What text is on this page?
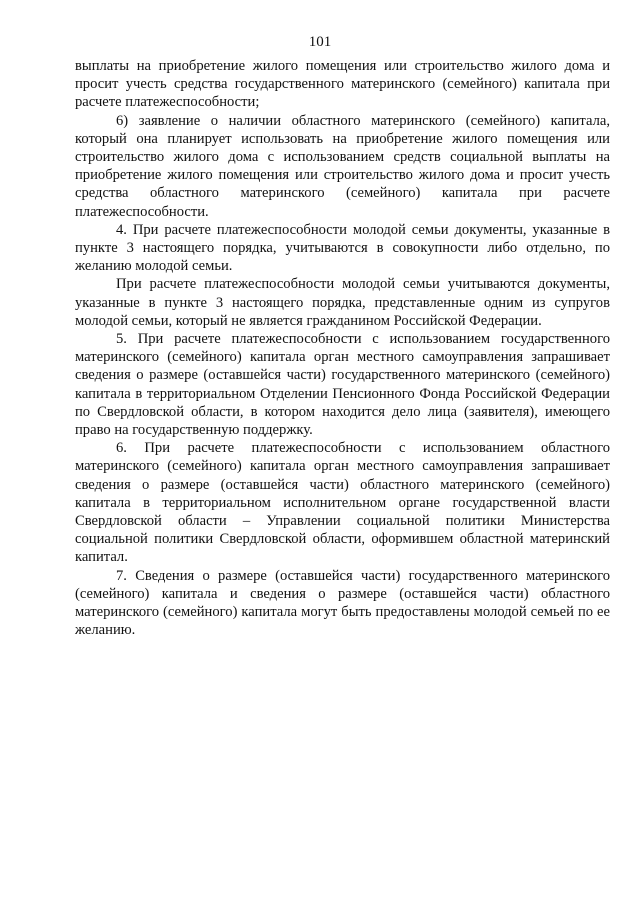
101

выплаты на приобретение жилого помещения или строительство жилого дома и просит учесть средства государственного материнского (семейного) капитала при расчете платежеспособности;

6) заявление о наличии областного материнского (семейного) капитала, который она планирует использовать на приобретение жилого помещения или строительство жилого дома с использованием средств социальной выплаты на приобретение жилого помещения или строительство жилого дома и просит учесть средства областного материнского (семейного) капитала при расчете платежеспособности.

4. При расчете платежеспособности молодой семьи документы, указанные в пункте 3 настоящего порядка, учитываются в совокупности либо отдельно, по желанию молодой семьи.

При расчете платежеспособности молодой семьи учитываются документы, указанные в пункте 3 настоящего порядка, представленные одним из супругов молодой семьи, который не является гражданином Российской Федерации.

5. При расчете платежеспособности с использованием государственного материнского (семейного) капитала орган местного самоуправления запрашивает сведения о размере (оставшейся части) государственного материнского (семейного) капитала в территориальном Отделении Пенсионного Фонда Российской Федерации по Свердловской области, в котором находится дело лица (заявителя), имеющего право на государственную поддержку.

6. При расчете платежеспособности с использованием областного материнского (семейного) капитала орган местного самоуправления запрашивает сведения о размере (оставшейся части) областного материнского (семейного) капитала в территориальном исполнительном органе государственной власти Свердловской области – Управлении социальной политики Министерства социальной политики Свердловской области, оформившем областной материнский капитал.

7. Сведения о размере (оставшейся части) государственного материнского (семейного) капитала и сведения о размере (оставшейся части) областного материнского (семейного) капитала могут быть предоставлены молодой семьей по ее желанию.
